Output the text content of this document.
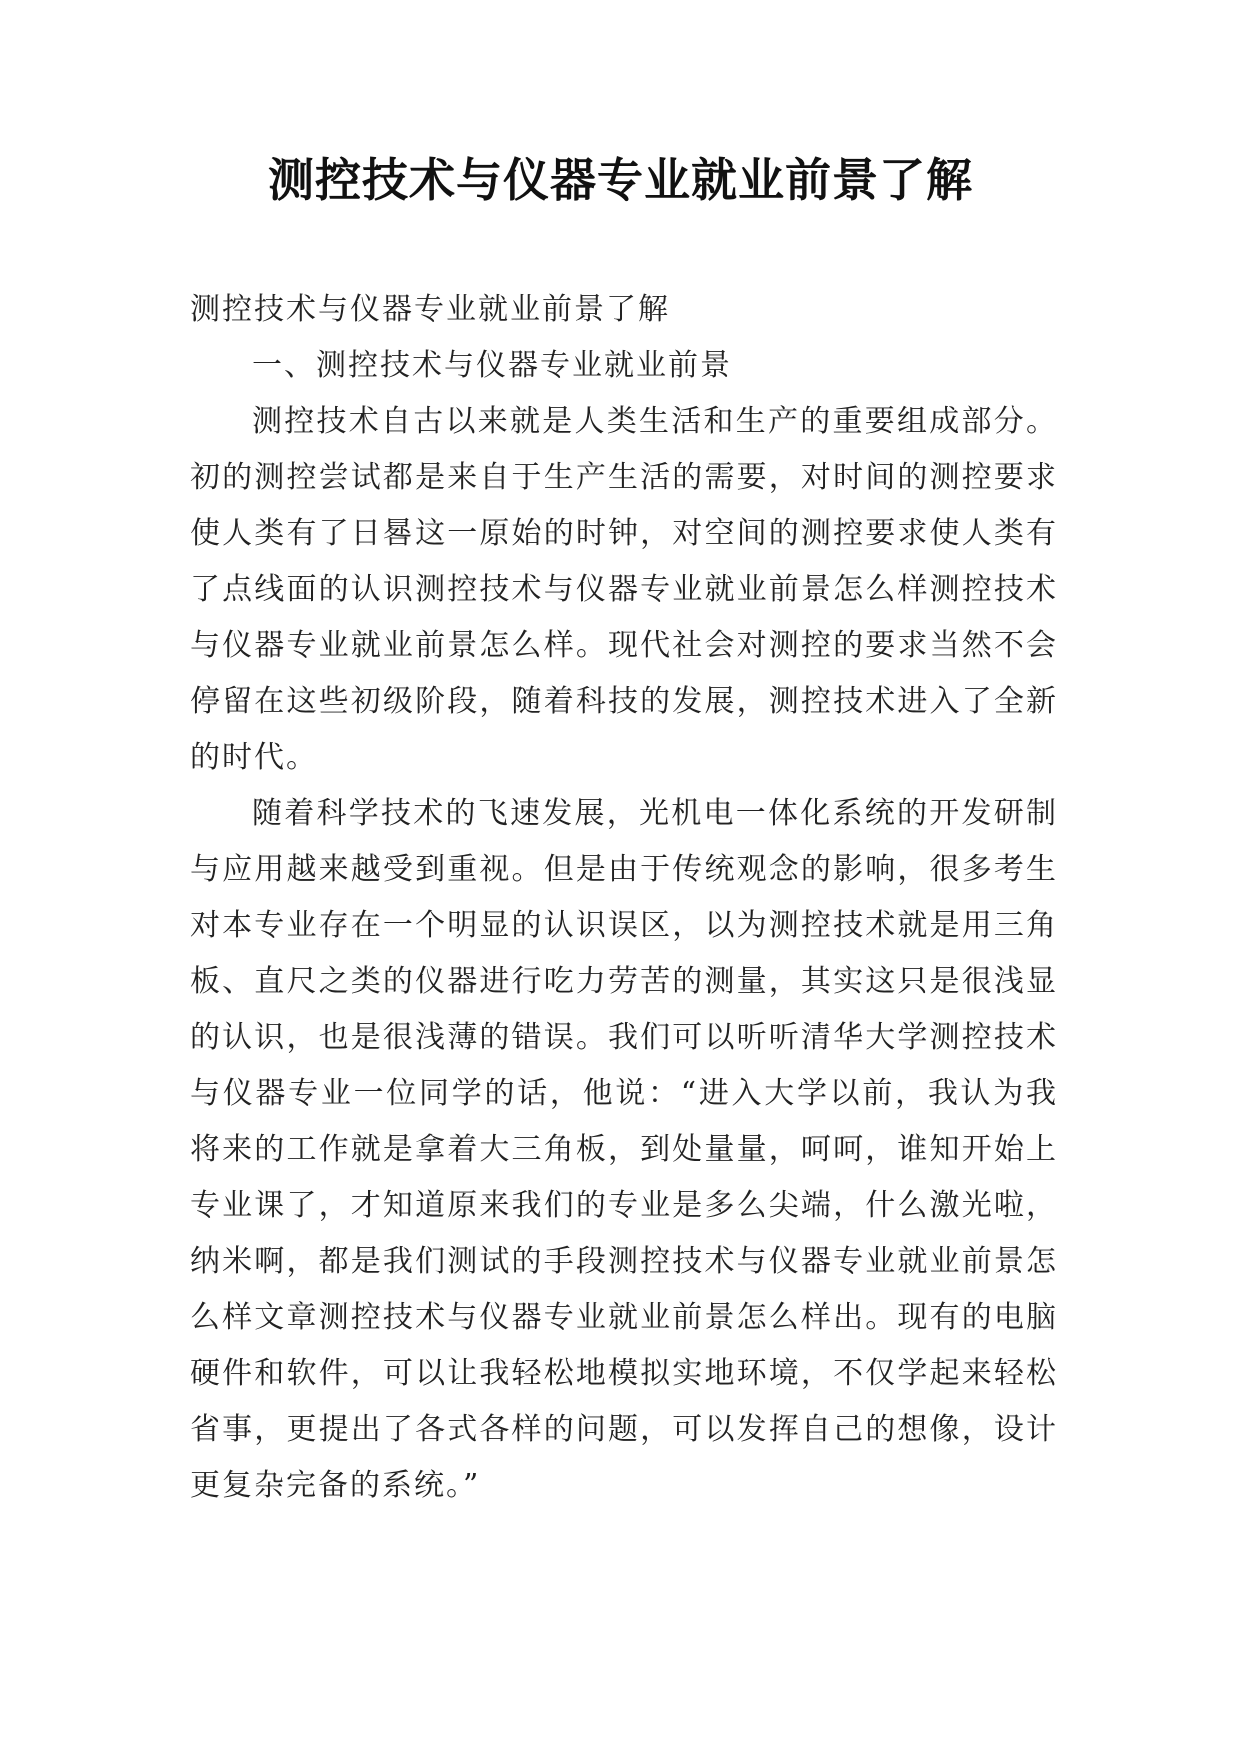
测控技术与仪器专业就业前景了解

测控技术与仪器专业就业前景了解

一、测控技术与仪器专业就业前景

测控技术自古以来就是人类生活和生产的重要组成部分。初的测控尝试都是来自于生产生活的需要，对时间的测控要求使人类有了日晷这一原始的时钟，对空间的测控要求使人类有了点线面的认识测控技术与仪器专业就业前景怎么样测控技术与仪器专业就业前景怎么样。现代社会对测控的要求当然不会停留在这些初级阶段，随着科技的发展，测控技术进入了全新的时代。

随着科学技术的飞速发展，光机电一体化系统的开发研制与应用越来越受到重视。但是由于传统观念的影响，很多考生对本专业存在一个明显的认识误区，以为测控技术就是用三角板、直尺之类的仪器进行吃力劳苦的测量，其实这只是很浅显的认识，也是很浅薄的错误。我们可以听听清华大学测控技术与仪器专业一位同学的话，他说：“进入大学以前，我认为我将来的工作就是拿着大三角板，到处量量，呵呵，谁知开始上专业课了，才知道原来我们的专业是多么尖端，什么激光啦，纳米啊，都是我们测试的手段测控技术与仪器专业就业前景怎么样文章测控技术与仪器专业就业前景怎么样出。现有的电脑硬件和软件，可以让我轻松地模拟实地环境，不仅学起来轻松省事，更提出了各式各样的问题，可以发挥自己的想像，设计更复杂完备的系统。”
